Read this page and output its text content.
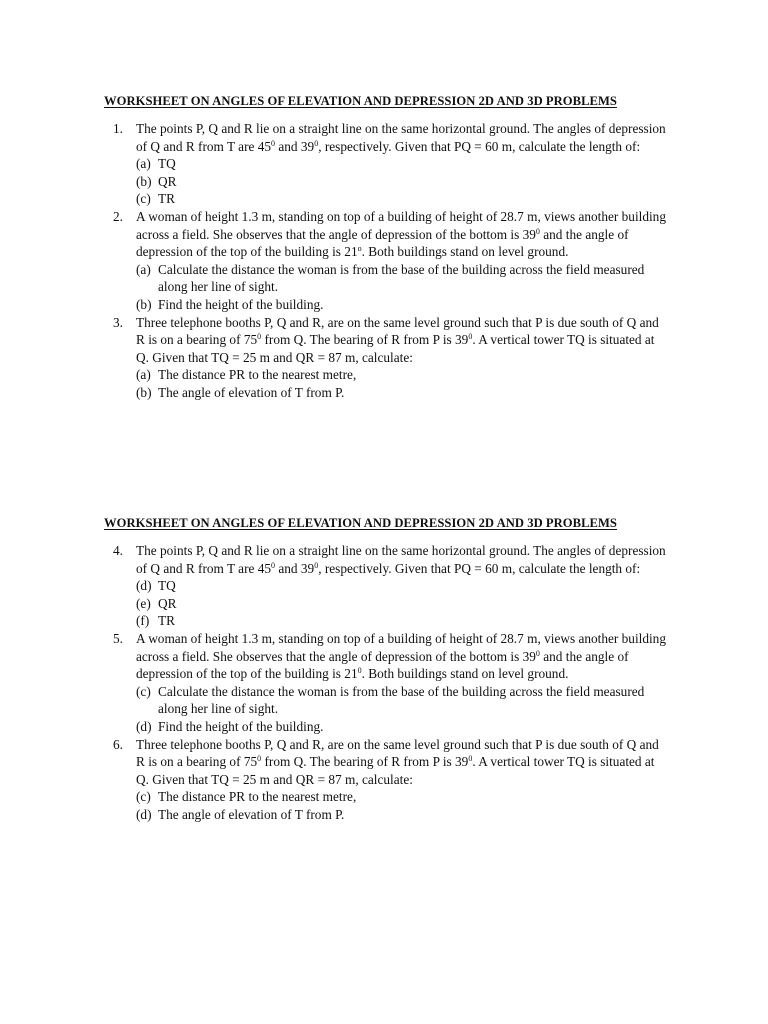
WORKSHEET ON ANGLES OF ELEVATION AND DEPRESSION 2D AND 3D PROBLEMS
1. The points P, Q and R lie on a straight line on the same horizontal ground. The angles of depression of Q and R from T are $45^0$ and $39^0$, respectively. Given that PQ = 60 m, calculate the length of:
(a) TQ
(b) QR
(c) TR
2. A woman of height 1.3 m, standing on top of a building of height of 28.7 m, views another building across a field. She observes that the angle of depression of the bottom is $39^0$ and the angle of depression of the top of the building is 21$^o$. Both buildings stand on level ground.
(a) Calculate the distance the woman is from the base of the building across the field measured along her line of sight.
(b) Find the height of the building.
3. Three telephone booths P, Q and R, are on the same level ground such that P is due south of Q and R is on a bearing of $75^0$ from Q. The bearing of R from P is $39^0$. A vertical tower TQ is situated at Q. Given that TQ = 25 m and QR = 87 m, calculate:
(a) The distance PR to the nearest metre,
(b) The angle of elevation of T from P.
WORKSHEET ON ANGLES OF ELEVATION AND DEPRESSION 2D AND 3D PROBLEMS
4. The points P, Q and R lie on a straight line on the same horizontal ground. The angles of depression of Q and R from T are $45^0$ and $39^0$, respectively. Given that PQ = 60 m, calculate the length of:
(d) TQ
(e) QR
(f) TR
5. A woman of height 1.3 m, standing on top of a building of height of 28.7 m, views another building across a field. She observes that the angle of depression of the bottom is $39^0$ and the angle of depression of the top of the building is $21^0$. Both buildings stand on level ground.
(c) Calculate the distance the woman is from the base of the building across the field measured along her line of sight.
(d) Find the height of the building.
6. Three telephone booths P, Q and R, are on the same level ground such that P is due south of Q and R is on a bearing of $75^0$ from Q. The bearing of R from P is $39^0$. A vertical tower TQ is situated at Q. Given that TQ = 25 m and QR = 87 m, calculate:
(c) The distance PR to the nearest metre,
(d) The angle of elevation of T from P.
